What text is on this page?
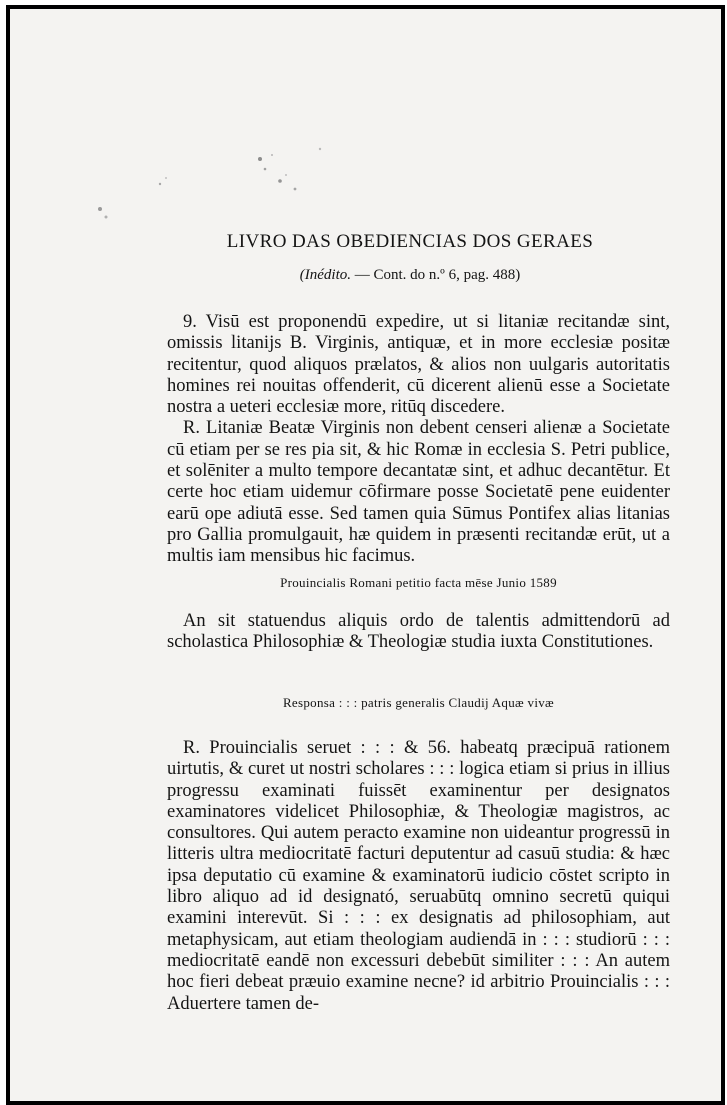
LIVRO DAS OBEDIENCIAS DOS GERAES
(Inédito. — Cont. do n.º 6, pag. 488)

9. Visū est proponendū expedire, ut si litaniæ recitandæ sint, omissis litanijs B. Virginis, antiquæ, et in more ecclesiæ positæ recitentur, quod aliquos prælatos, & alios non uulgaris autoritatis homines rei nouitas offenderit, cū dicerent alienū esse a Societate nostra a ueteri ecclesiæ more, ritūq discedere.

R. Litaniæ Beatæ Virginis non debent censeri alienæ a Societate cū etiam per se res pia sit, & hic Romæ in ecclesia S. Petri publice, et solēniter a multo tempore decantatæ sint, et adhuc decantētur. Et certe hoc etiam uidemur cōfirmare posse Societatē pene euidenter earū ope adiutā esse. Sed tamen quia Sūmus Pontifex alias litanias pro Gallia promulgauit, hæ quidem in præsenti recitandæ erūt, ut a multis iam mensibus hic facimus.

Prouincialis Romani petitio facta mēse Junio 1589

An sit statuendus aliquis ordo de talentis admittendorū ad scholastica Philosophiæ & Theologiæ studia iuxta Constitutiones.

Responsa : : : patris generalis Claudij Aquæ vivæ

R. Prouincialis seruet : : : & 56. habeatq præcipuā rationem uirtutis, & curet ut nostri scholares : : : logica etiam si prius in illius progressu examinati fuissēt examinentur per designatos examinatores videlicet Philosophiæ, & Theologiæ magistros, ac consultores. Qui autem peracto examine non uideantur progressū in litteris ultra mediocritatē facturi deputentur ad casuū studia: & hæc ipsa deputatio cū examine & examinatorū iudicio cōstet scripto in libro aliquo ad id designató, seruabūtq omnino secretū quiqui examini interevūt. Si : : : ex designatis ad philosophiam, aut metaphysicam, aut etiam theologiam audiendā in : : : studiorū : : : mediocritatē eandē non excessuri debebūt similiter : : : An autem hoc fieri debeat præuio examine necne? id arbitrio Prouincialis : : : Aduertere tamen de-
